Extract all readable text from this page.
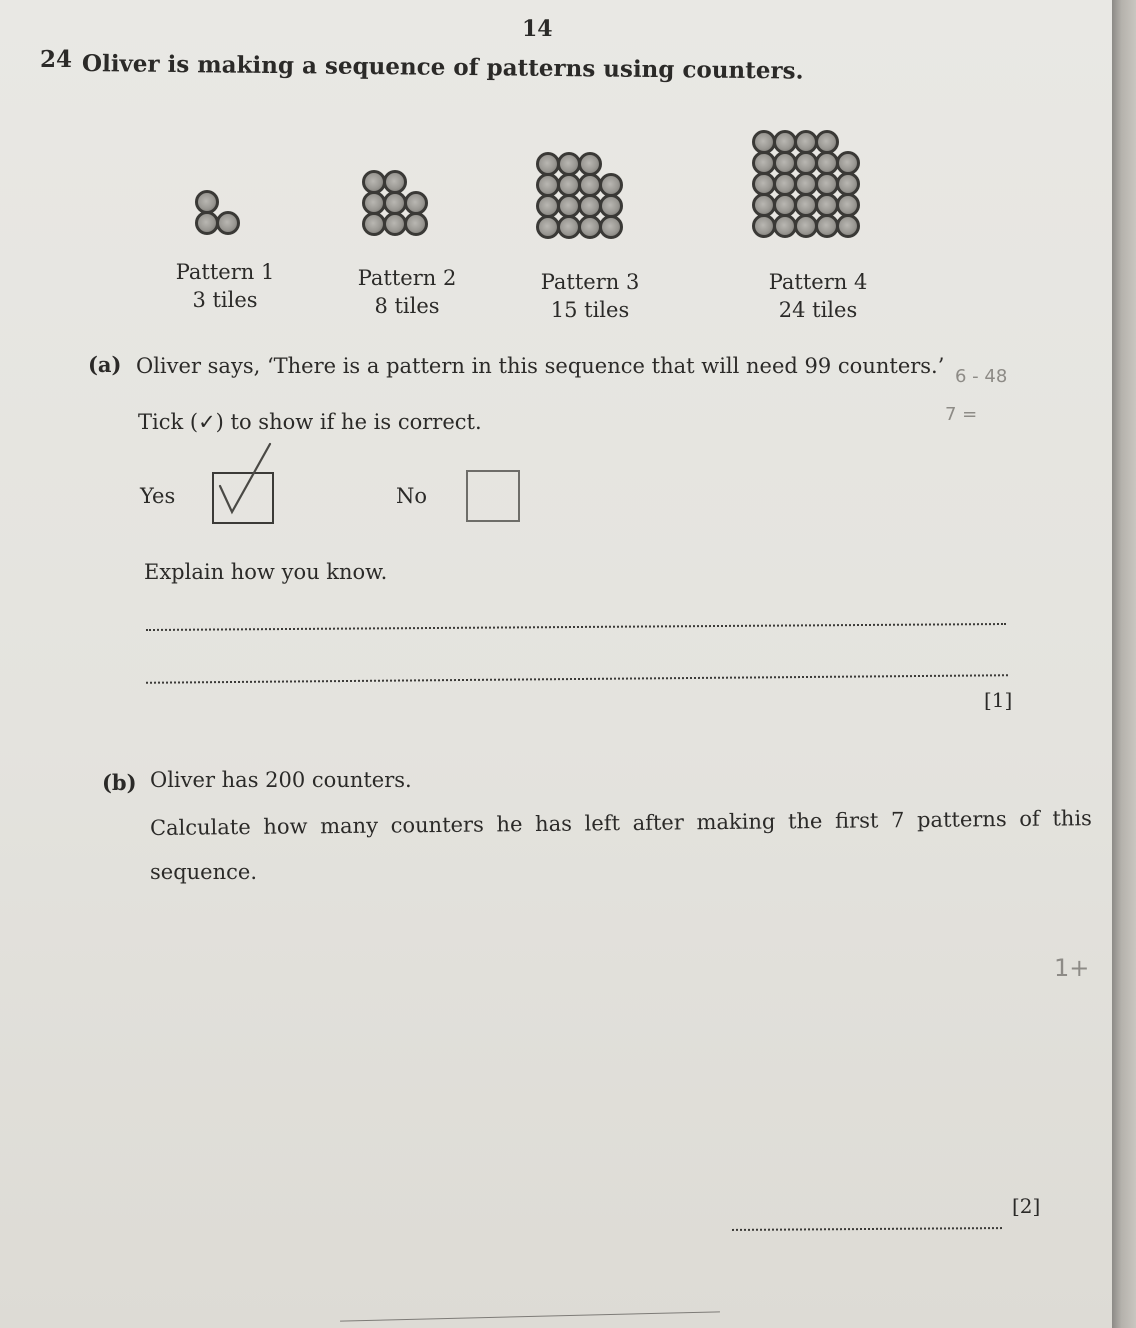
14
24 Oliver is making a sequence of patterns using counters.
Pattern 1
3 tiles
Pattern 2
8 tiles
Pattern 3
15 tiles
Pattern 4
24 tiles
(a) Oliver says, ‘There is a pattern in this sequence that will need 99 counters.’ 6 - 48
7 =
Tick (✓) to show if he is correct.
Yes	No
Explain how you know.
[1]
(b) Oliver has 200 counters.
Calculate how many counters he has left after making the first 7 patterns of this
sequence.
1+
[2]
